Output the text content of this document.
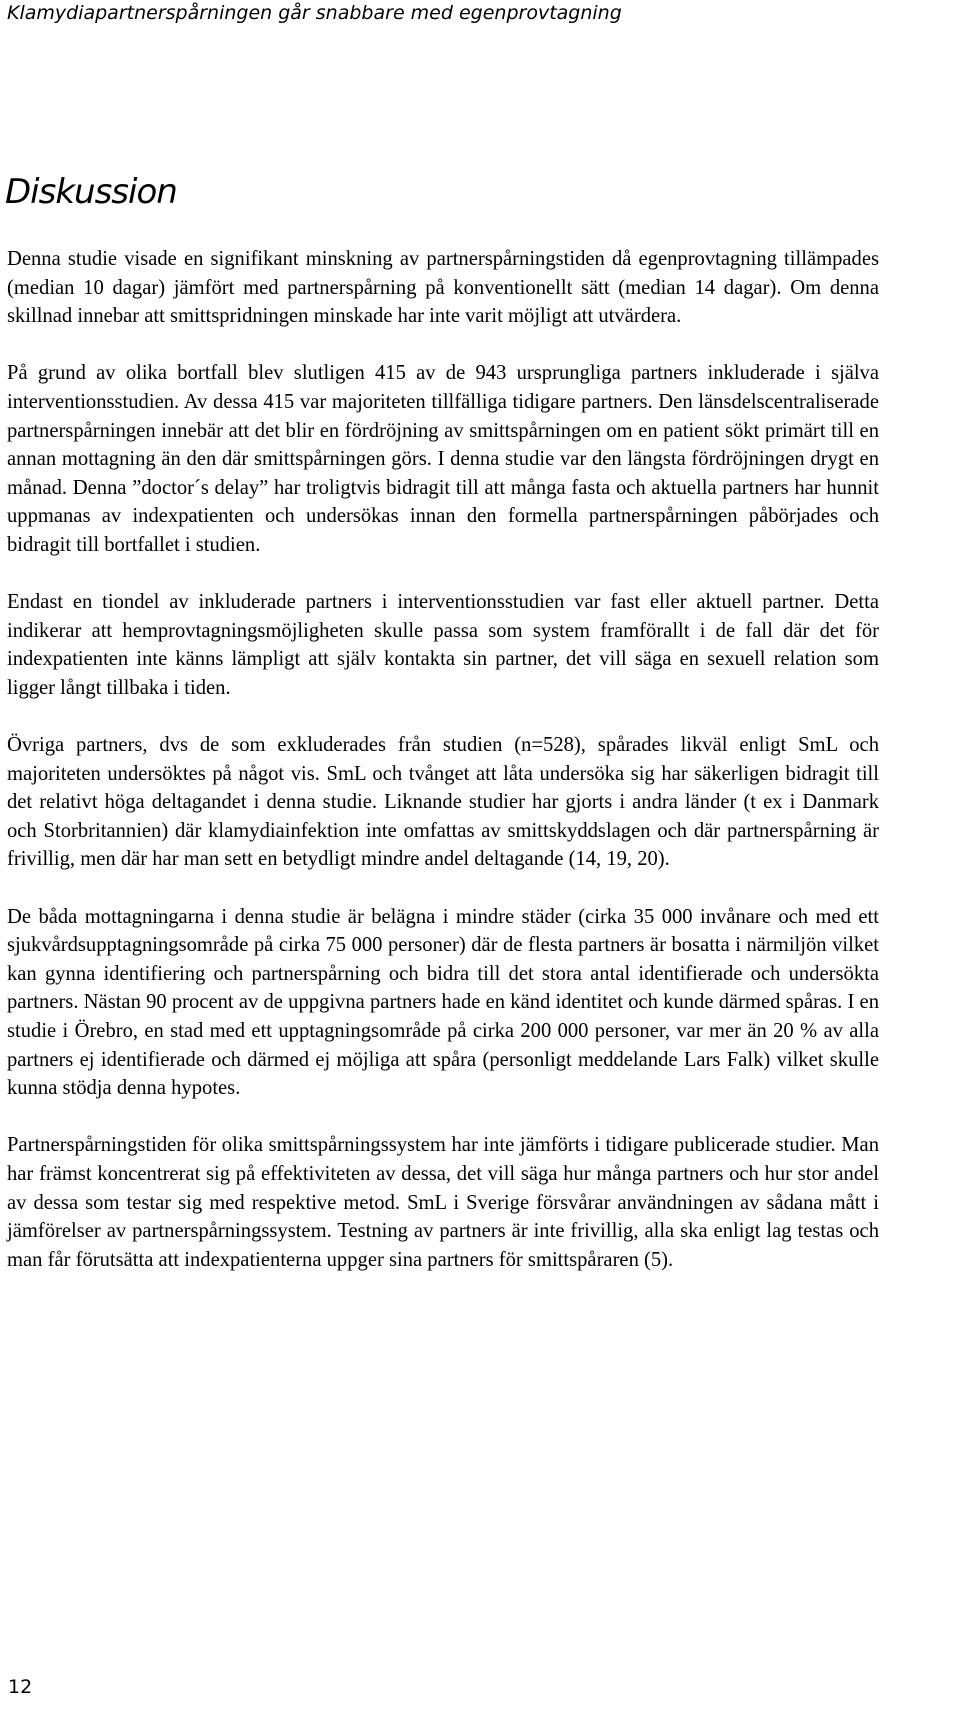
Klamydiapartnerspårningen går snabbare med egenprovtagning
Diskussion

Denna studie visade en signifikant minskning av partnerspårningstiden då egenprovtagning tillämpades (median 10 dagar) jämfört med partnerspårning på konventionellt sätt (median 14 dagar). Om denna skillnad innebar att smittspridningen minskade har inte varit möjligt att utvärdera.

På grund av olika bortfall blev slutligen 415 av de 943 ursprungliga partners inkluderade i själva interventionsstudien. Av dessa 415 var majoriteten tillfälliga tidigare partners. Den länsdelscentraliserade partnerspårningen innebär att det blir en fördröjning av smittspårningen om en patient sökt primärt till en annan mottagning än den där smittspårningen görs. I denna studie var den längsta fördröjningen drygt en månad. Denna ”doctor´s delay” har troligtvis bidragit till att många fasta och aktuella partners har hunnit uppmanas av indexpatienten och undersökas innan den formella partnerspårningen påbörjades och bidragit till bortfallet i studien.

Endast en tiondel av inkluderade partners i interventionsstudien var fast eller aktuell partner. Detta indikerar att hemprovtagningsmöjligheten skulle passa som system framförallt i de fall där det för indexpatienten inte känns lämpligt att själv kontakta sin partner, det vill säga en sexuell relation som ligger långt tillbaka i tiden.

Övriga partners, dvs de som exkluderades från studien (n=528), spårades likväl enligt SmL och majoriteten undersöktes på något vis. SmL och tvånget att låta undersöka sig har säkerligen bidragit till det relativt höga deltagandet i denna studie. Liknande studier har gjorts i andra länder (t ex i Danmark och Storbritannien) där klamydiainfektion inte omfattas av smittskyddslagen och där partnerspårning är frivillig, men där har man sett en betydligt mindre andel deltagande (14, 19, 20).

De båda mottagningarna i denna studie är belägna i mindre städer (cirka 35 000 invånare och med ett sjukvårdsupptagningsområde på cirka 75 000 personer) där de flesta partners är bosatta i närmiljön vilket kan gynna identifiering och partnerspårning och bidra till det stora antal identifierade och undersökta partners. Nästan 90 procent av de uppgivna partners hade en känd identitet och kunde därmed spåras. I en studie i Örebro, en stad med ett upptagningsområde på cirka 200 000 personer, var mer än 20 % av alla partners ej identifierade och därmed ej möjliga att spåra (personligt meddelande Lars Falk) vilket skulle kunna stödja denna hypotes.

Partnerspårningstiden för olika smittspårningssystem har inte jämförts i tidigare publicerade studier. Man har främst koncentrerat sig på effektiviteten av dessa, det vill säga hur många partners och hur stor andel av dessa som testar sig med respektive metod. SmL i Sverige försvårar användningen av sådana mått i jämförelser av partnerspårningssystem. Testning av partners är inte frivillig, alla ska enligt lag testas och man får förutsätta att indexpatienterna uppger sina partners för smittspåraren (5).

12
